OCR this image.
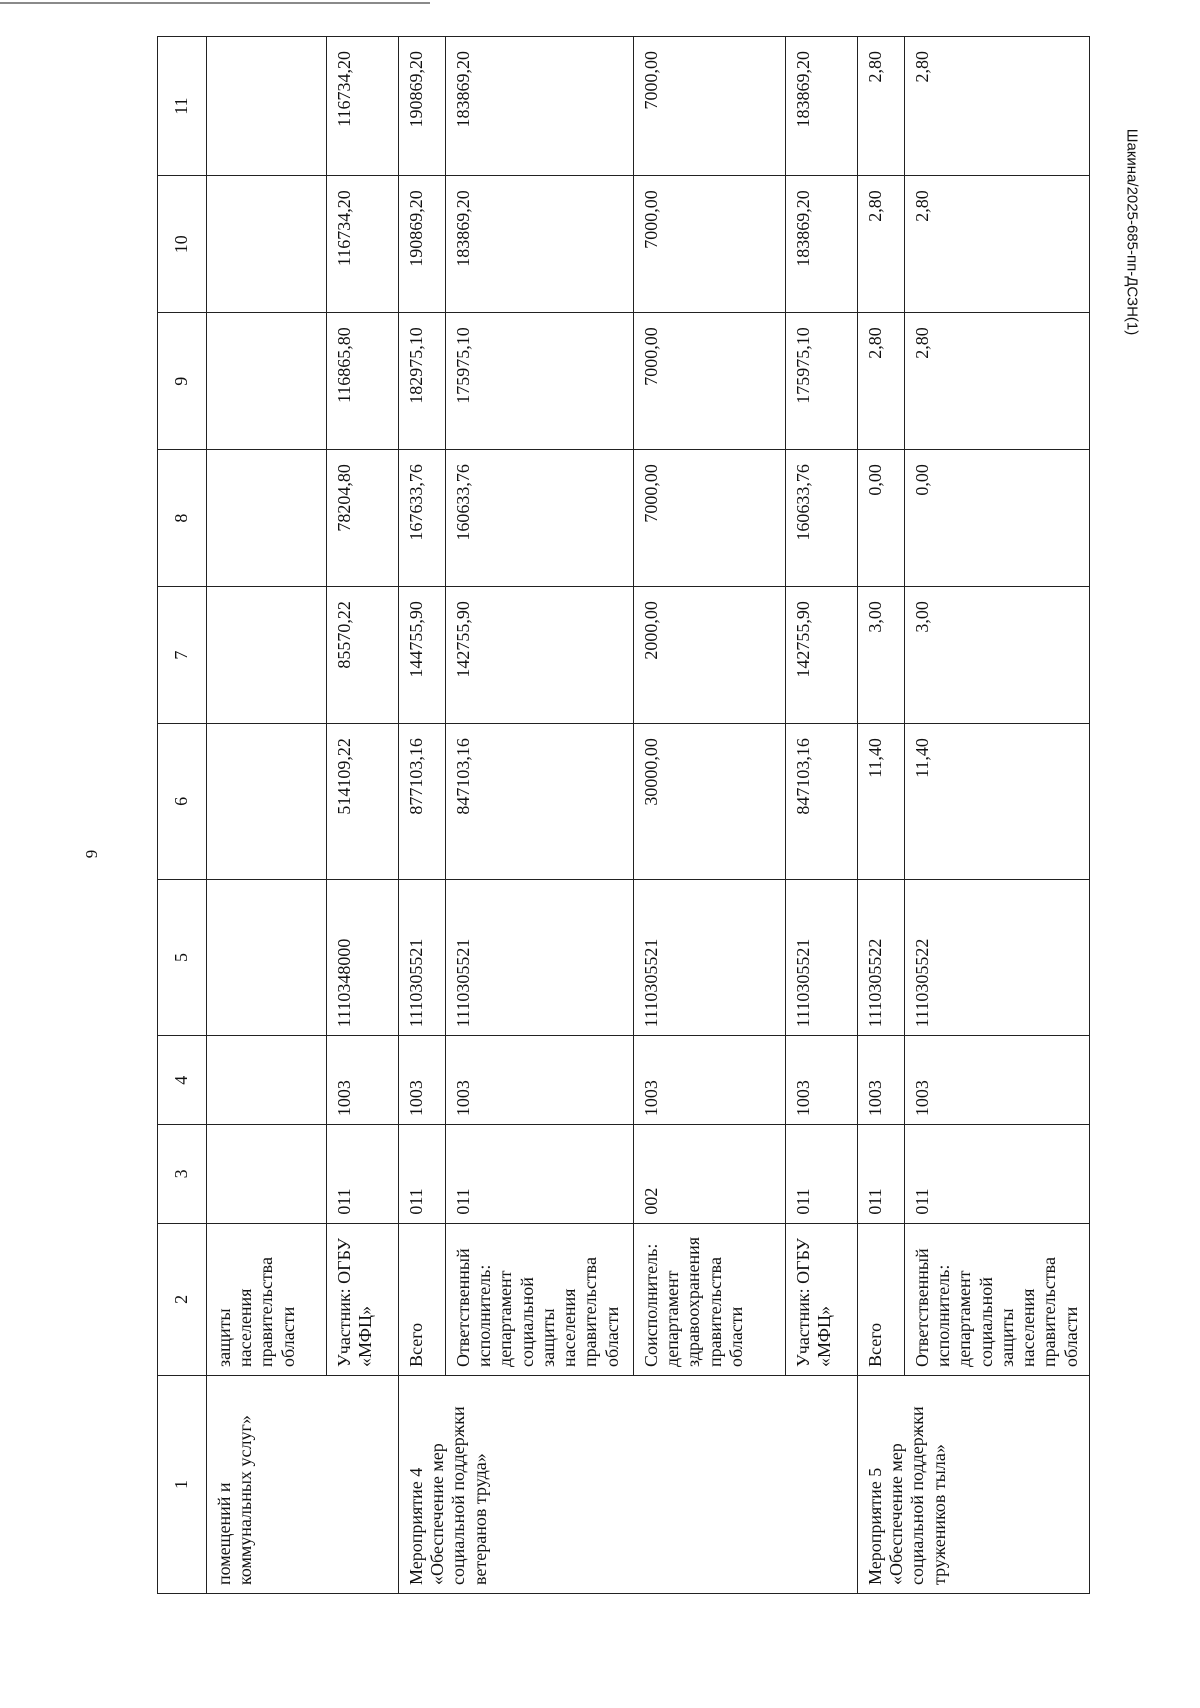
9
Шакина/2025-685-пп-ДСЗН(1)
1	2	3	4	5	6	7	8	9	10	11
помещений и коммунальных услуг»	защиты населения правительства области									
	Участник: ОГБУ «МФЦ»	011	1003	1110348000	514109,22	85570,22	78204,80	116865,80	116734,20	116734,20
Мероприятие 4 «Обеспечение мер социальной поддержки ветеранов труда»	Всего	011	1003	1110305521	877103,16	144755,90	167633,76	182975,10	190869,20	190869,20
	Ответственный исполнитель: департамент социальной защиты населения правительства области	011	1003	1110305521	847103,16	142755,90	160633,76	175975,10	183869,20	183869,20
	Соисполнитель: департамент здравоохранения правительства области	002	1003	1110305521	30000,00	2000,00	7000,00	7000,00	7000,00	7000,00
	Участник: ОГБУ «МФЦ»	011	1003	1110305521	847103,16	142755,90	160633,76	175975,10	183869,20	183869,20
Мероприятие 5 «Обеспечение мер социальной поддержки тружеников тыла»	Всего	011	1003	1110305522	11,40	3,00	0,00	2,80	2,80	2,80
	Ответственный исполнитель: департамент социальной защиты населения правительства области	011	1003	1110305522	11,40	3,00	0,00	2,80	2,80	2,80
